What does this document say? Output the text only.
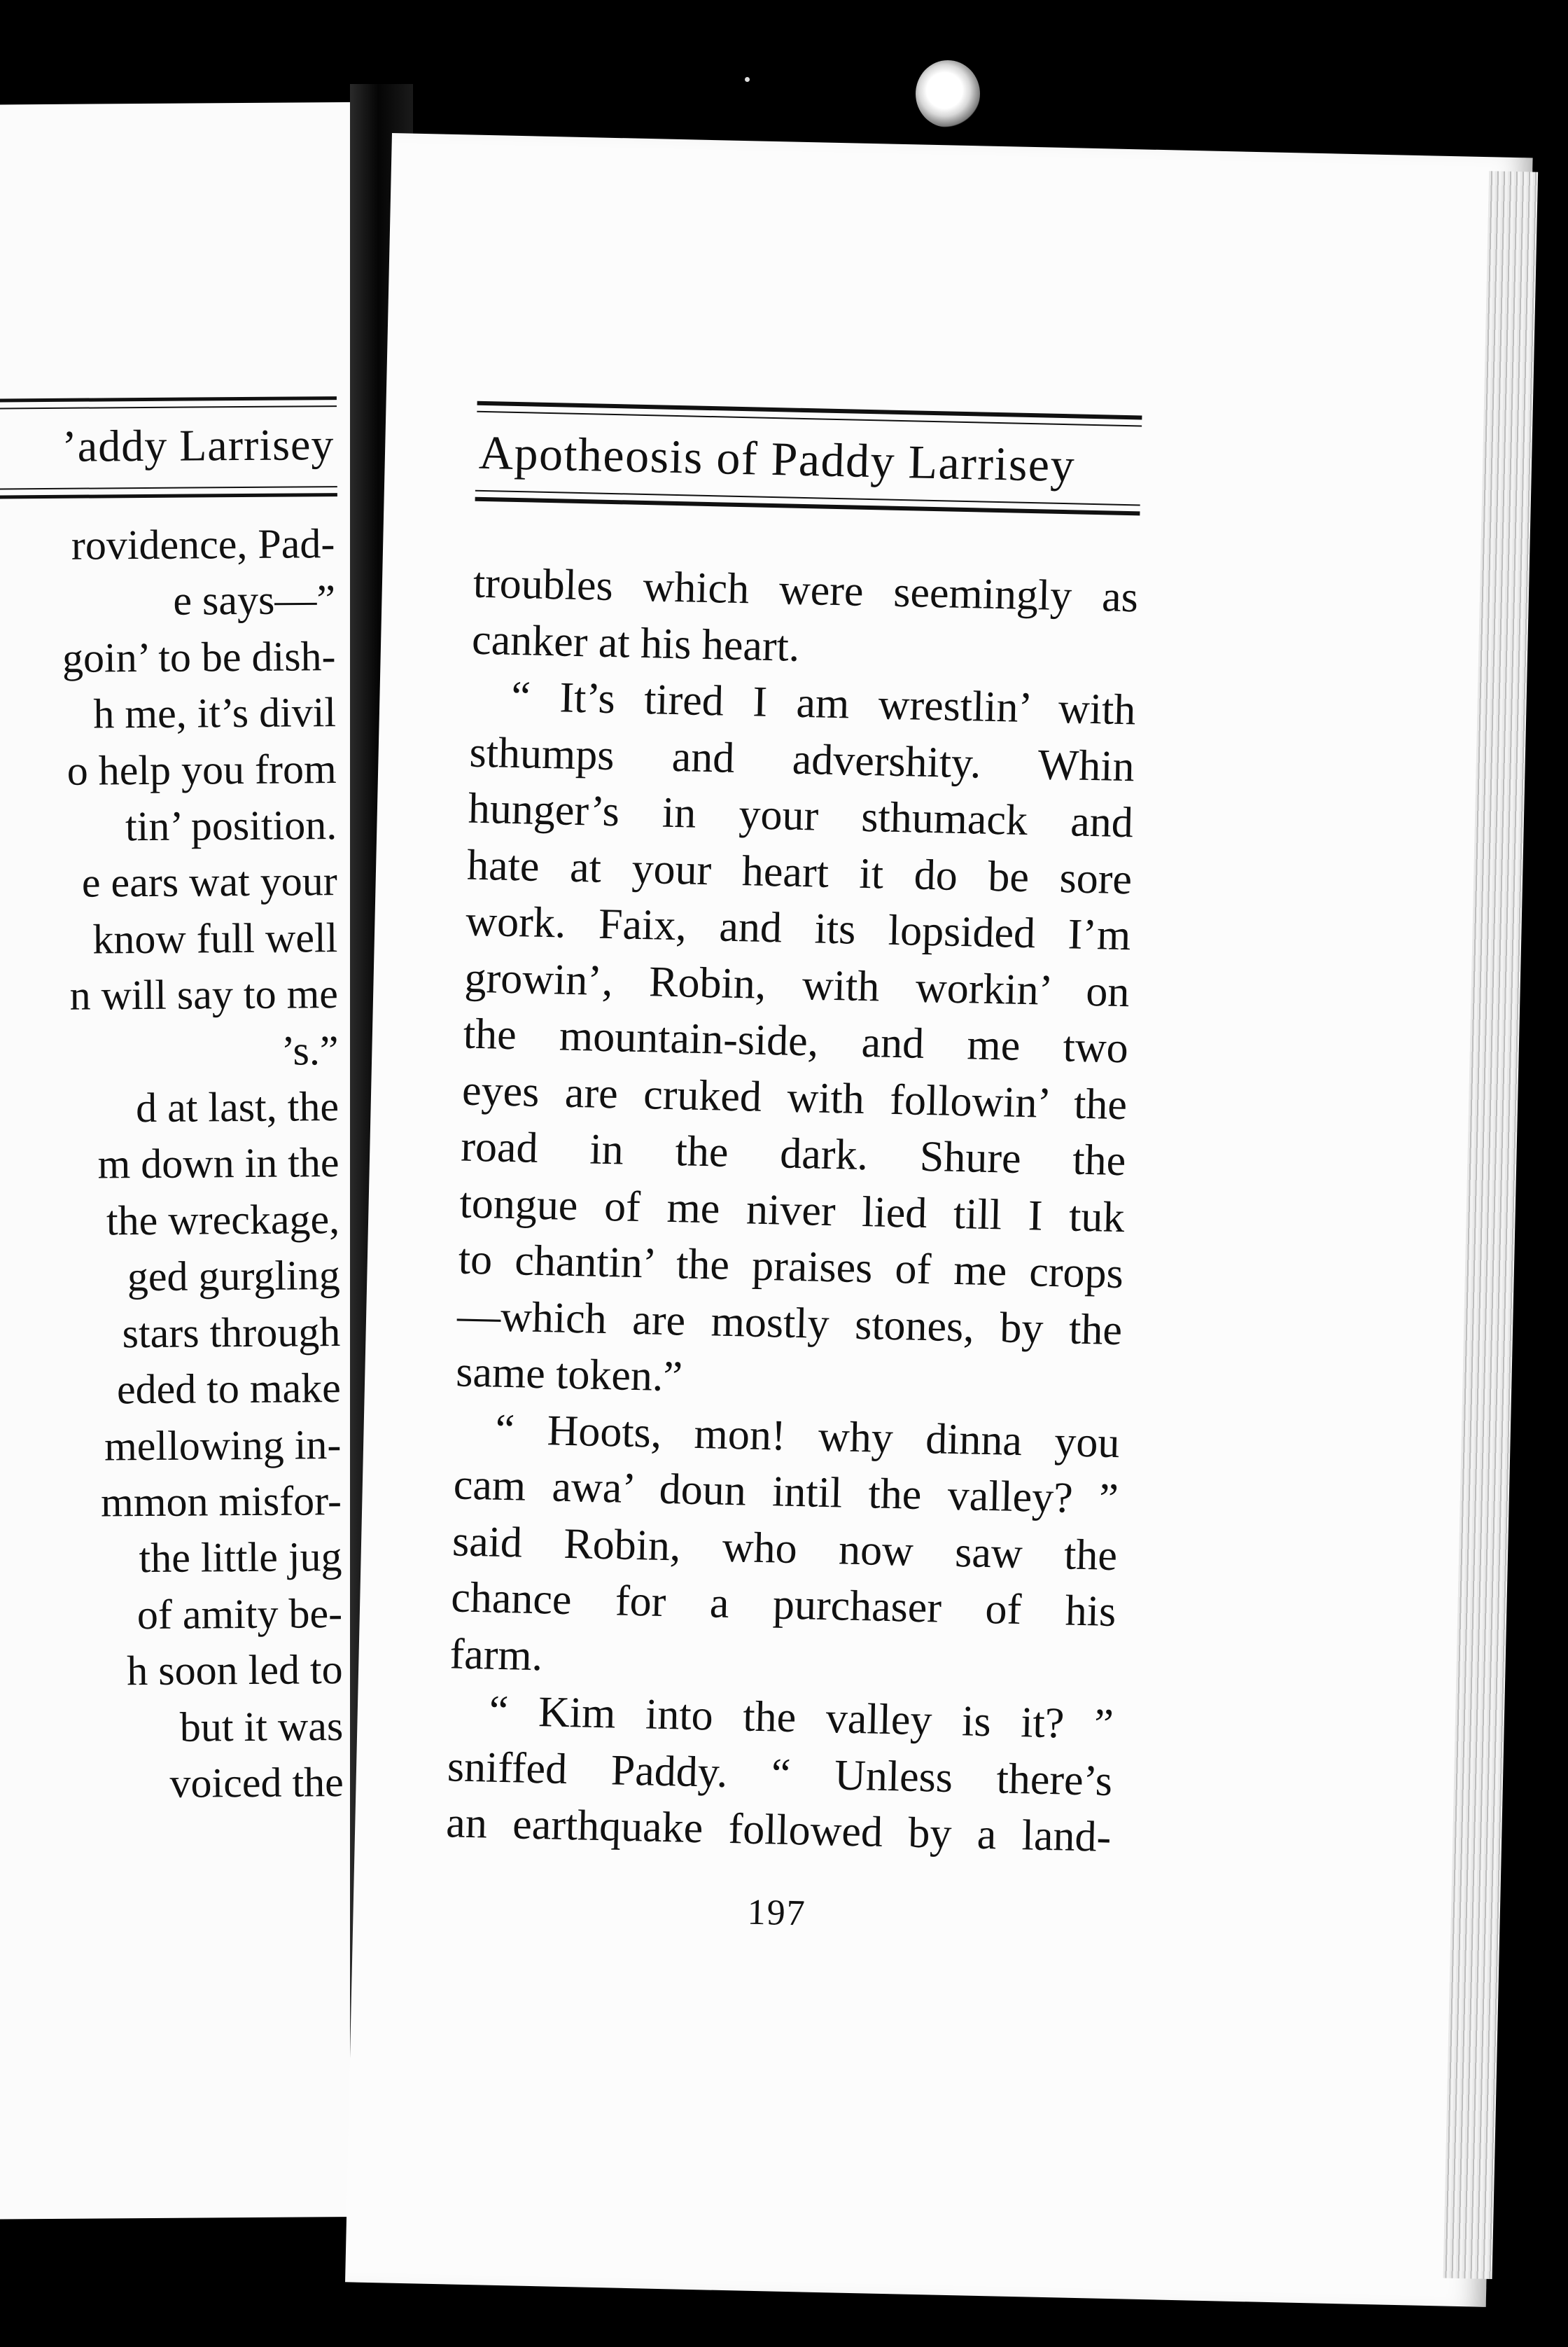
’addy Larrisey
rovidence, Pad-
e says—”
goin’ to be dish-
h me, it’s divil
o help you from
tin’ position.
e ears wat your
know full well
n will say to me
’s.”
d at last, the
m down in the
the wreckage,
ged gurgling
stars through
eded to make
mellowing in-
mmon misfor-
the little jug
of amity be-
h soon led to
but it was
voiced the
Apotheosis of Paddy Larrisey
troubles which were seemingly as
canker at his heart.
“ It’s tired I am wrestlin’ with
sthumps and advershity. Whin
hunger’s in your sthumack and
hate at your heart it do be sore
work. Faix, and its lopsided I’m
growin’, Robin, with workin’ on
the mountain-side, and me two
eyes are cruked with followin’ the
road in the dark. Shure the
tongue of me niver lied till I tuk
to chantin’ the praises of me crops
—which are mostly stones, by the
same token.”
“ Hoots, mon! why dinna you
cam awa’ doun intil the valley? ”
said Robin, who now saw the
chance for a purchaser of his
farm.
“ Kim into the valley is it? ”
sniffed Paddy. “ Unless there’s
an earthquake followed by a land-
197
